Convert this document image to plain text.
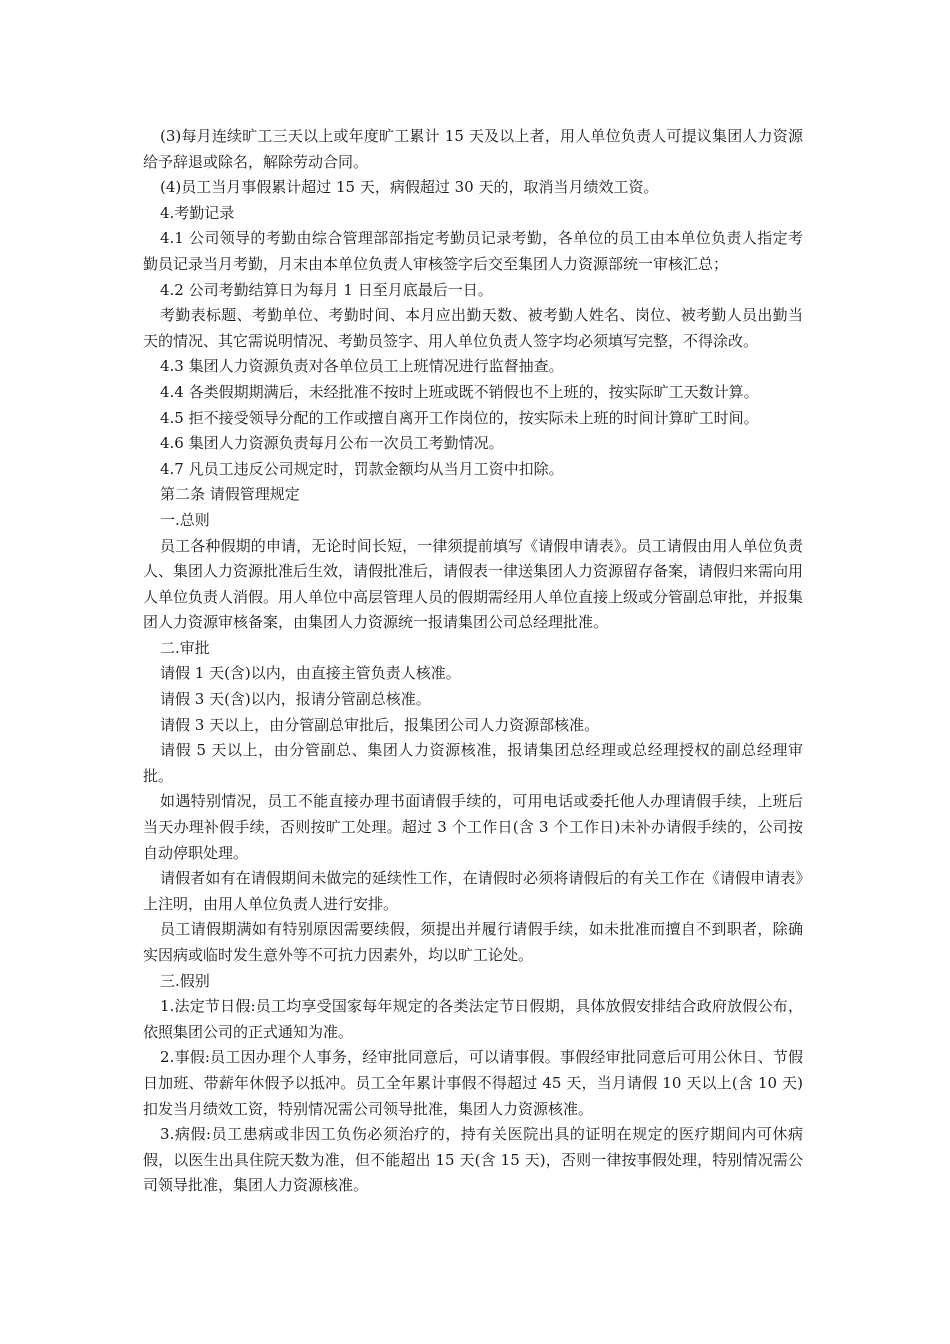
(3)每月连续旷工三天以上或年度旷工累计 15 天及以上者，用人单位负责人可提议集团人力资源给予辞退或除名，解除劳动合同。

(4)员工当月事假累计超过 15 天，病假超过 30 天的，取消当月绩效工资。

4.考勤记录

4.1 公司领导的考勤由综合管理部部指定考勤员记录考勤，各单位的员工由本单位负责人指定考勤员记录当月考勤，月末由本单位负责人审核签字后交至集团人力资源部统一审核汇总；

4.2 公司考勤结算日为每月 1 日至月底最后一日。

考勤表标题、考勤单位、考勤时间、本月应出勤天数、被考勤人姓名、岗位、被考勤人员出勤当天的情况、其它需说明情况、考勤员签字、用人单位负责人签字均必须填写完整，不得涂改。

4.3 集团人力资源负责对各单位员工上班情况进行监督抽查。

4.4 各类假期期满后，未经批准不按时上班或既不销假也不上班的，按实际旷工天数计算。

4.5 拒不接受领导分配的工作或擅自离开工作岗位的，按实际未上班的时间计算旷工时间。

4.6 集团人力资源负责每月公布一次员工考勤情况。

4.7 凡员工违反公司规定时，罚款金额均从当月工资中扣除。

第二条 请假管理规定

一.总则

员工各种假期的申请，无论时间长短，一律须提前填写《请假申请表》。员工请假由用人单位负责人、集团人力资源批准后生效，请假批准后，请假表一律送集团人力资源留存备案，请假归来需向用人单位负责人消假。用人单位中高层管理人员的假期需经用人单位直接上级或分管副总审批，并报集团人力资源审核备案，由集团人力资源统一报请集团公司总经理批准。

二.审批

请假 1 天(含)以内，由直接主管负责人核准。

请假 3 天(含)以内，报请分管副总核准。

请假 3 天以上，由分管副总审批后，报集团公司人力资源部核准。

请假 5 天以上，由分管副总、集团人力资源核准，报请集团总经理或总经理授权的副总经理审批。

如遇特别情况，员工不能直接办理书面请假手续的，可用电话或委托他人办理请假手续，上班后当天办理补假手续，否则按旷工处理。超过 3 个工作日(含 3 个工作日)未补办请假手续的，公司按自动停职处理。

请假者如有在请假期间未做完的延续性工作，在请假时必须将请假后的有关工作在《请假申请表》上注明，由用人单位负责人进行安排。

员工请假期满如有特别原因需要续假，须提出并履行请假手续，如未批准而擅自不到职者，除确实因病或临时发生意外等不可抗力因素外，均以旷工论处。

三.假别

1.法定节日假:员工均享受国家每年规定的各类法定节日假期，具体放假安排结合政府放假公布，依照集团公司的正式通知为准。

2.事假:员工因办理个人事务，经审批同意后，可以请事假。事假经审批同意后可用公休日、节假日加班、带薪年休假予以抵冲。员工全年累计事假不得超过 45 天，当月请假 10 天以上(含 10 天)扣发当月绩效工资，特别情况需公司领导批准，集团人力资源核准。

3.病假:员工患病或非因工负伤必须治疗的，持有关医院出具的证明在规定的医疗期间内可休病假，以医生出具住院天数为准，但不能超出 15 天(含 15 天)，否则一律按事假处理，特别情况需公司领导批准，集团人力资源核准。
